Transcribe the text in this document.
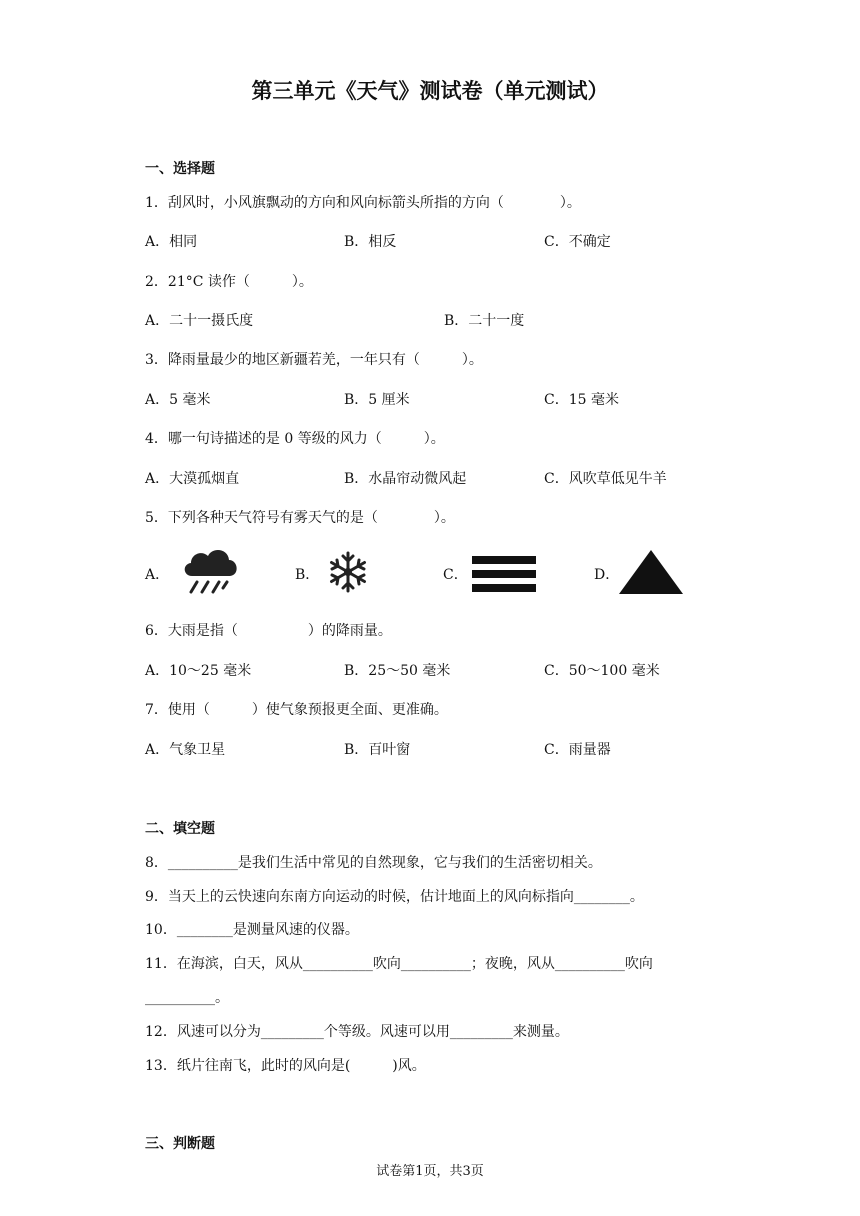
第三单元《天气》测试卷（单元测试）
一、选择题
1．刮风时，小风旗飘动的方向和风向标箭头所指的方向（　　　　）。
A．相同	B．相反	C．不确定
2．21°C 读作（　　　）。
A．二十一摄氏度	B．二十一度
3．降雨量最少的地区新疆若羌，一年只有（　　　）。
A．5 毫米	B．5 厘米	C．15 毫米
4．哪一句诗描述的是 0 等级的风力（　　　）。
A．大漠孤烟直	B．水晶帘动微风起	C．风吹草低见牛羊
5．下列各种天气符号有雾天气的是（　　　　）。
A．	B．	C．	D．
6．大雨是指（　　　　　）的降雨量。
A．10～25 毫米	B．25～50 毫米	C．50～100 毫米
7．使用（　　　）使气象预报更全面、更准确。
A．气象卫星	B．百叶窗	C．雨量器
二、填空题
8．__________是我们生活中常见的自然现象，它与我们的生活密切相关。
9．当天上的云快速向东南方向运动的时候，估计地面上的风向标指向________。
10．________是测量风速的仪器。
11．在海滨，白天，风从__________吹向__________；夜晚，风从__________吹向
__________。
12．风速可以分为_________个等级。风速可以用_________来测量。
13．纸片往南飞，此时的风向是(　　　)风。
三、判断题
试卷第1页，共3页
